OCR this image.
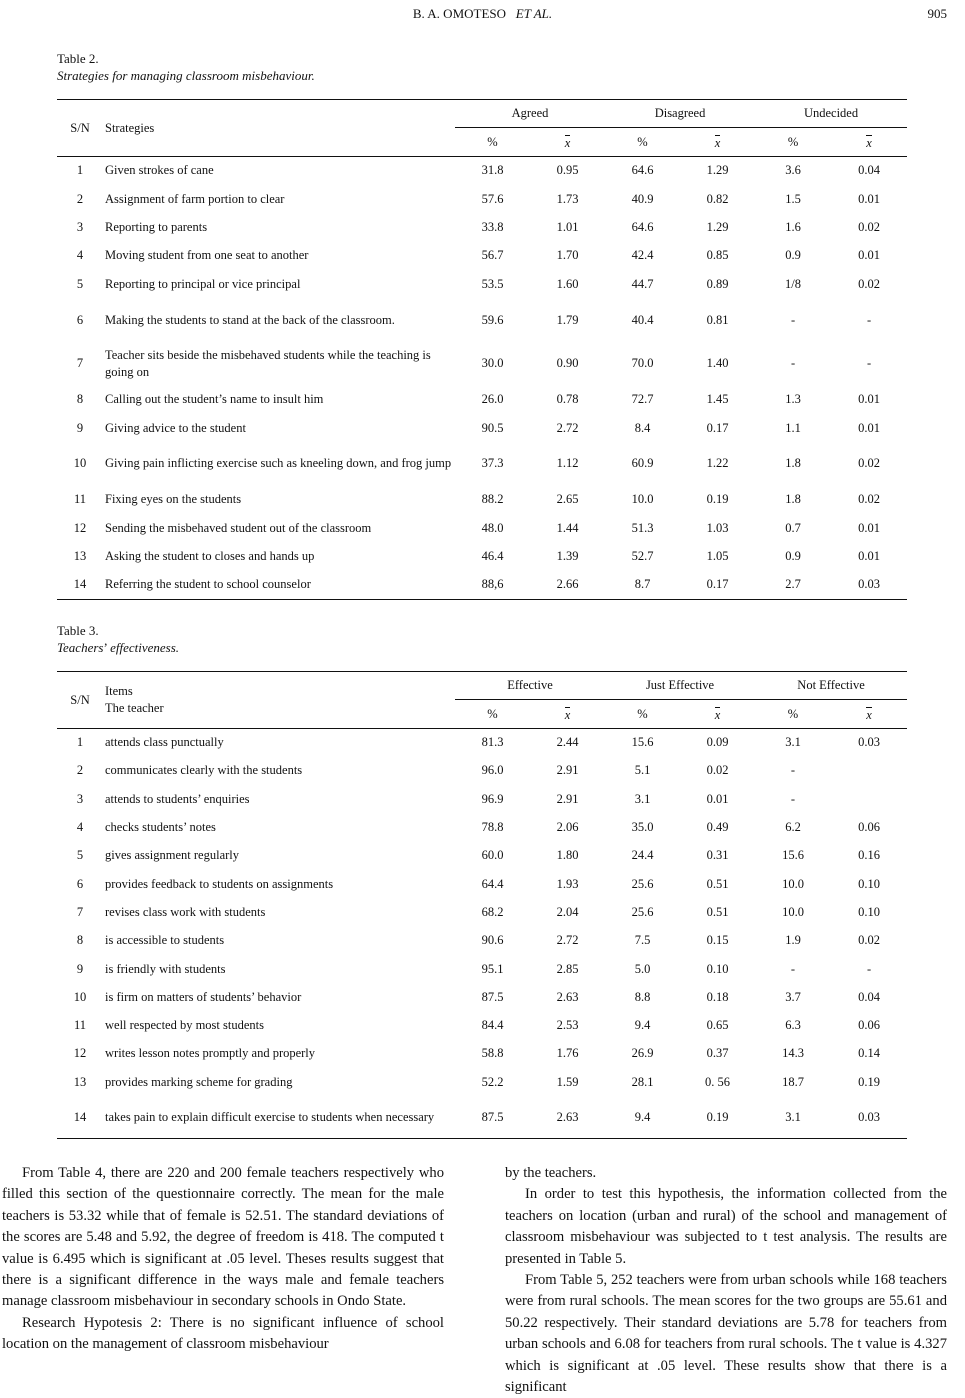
B. A. OMOTESO ET AL.	905
Table 2.
Strategies for managing classroom misbehaviour.
S/N	Strategies	Agreed		Disagreed		Undecided	
		%	x	%	x	%	x
1	Given strokes of cane	31.8	0.95	64.6	1.29	3.6	0.04
2	Assignment of farm portion to clear	57.6	1.73	40.9	0.82	1.5	0.01
3	Reporting to parents	33.8	1.01	64.6	1.29	1.6	0.02
4	Moving student from one seat to another	56.7	1.70	42.4	0.85	0.9	0.01
5	Reporting to principal or vice principal	53.5	1.60	44.7	0.89	1/8	0.02
6	Making the students to stand at the back of the classroom.	59.6	1.79	40.4	0.81	-	-
7	Teacher sits beside the misbehaved students while the teaching is going on	30.0	0.90	70.0	1.40	-	-
8	Calling out the student’s name to insult him	26.0	0.78	72.7	1.45	1.3	0.01
9	Giving advice to the student	90.5	2.72	8.4	0.17	1.1	0.01
10	Giving pain inflicting exercise such as kneeling down, and frog jump	37.3	1.12	60.9	1.22	1.8	0.02
11	Fixing eyes on the students	88.2	2.65	10.0	0.19	1.8	0.02
12	Sending the misbehaved student out of the classroom	48.0	1.44	51.3	1.03	0.7	0.01
13	Asking the student to closes and hands up	46.4	1.39	52.7	1.05	0.9	0.01
14	Referring the student to school counselor	88,6	2.66	8.7	0.17	2.7	0.03
Table 3.
Teachers’ effectiveness.
S/N	Items
The teacher	Effective		Just Effective		Not Effective	
		%	x	%	x	%	x
1	attends class punctually	81.3	2.44	15.6	0.09	3.1	0.03
2	communicates clearly with the students	96.0	2.91	5.1	0.02	-	
3	attends to students’ enquiries	96.9	2.91	3.1	0.01	-	
4	checks students’ notes	78.8	2.06	35.0	0.49	6.2	0.06
5	gives assignment regularly	60.0	1.80	24.4	0.31	15.6	0.16
6	provides feedback to students on assignments	64.4	1.93	25.6	0.51	10.0	0.10
7	revises class work with students	68.2	2.04	25.6	0.51	10.0	0.10
8	is accessible to students	90.6	2.72	7.5	0.15	1.9	0.02
9	is friendly with students	95.1	2.85	5.0	0.10	-	-
10	is firm on matters of students’ behavior	87.5	2.63	8.8	0.18	3.7	0.04
11	well respected by most students	84.4	2.53	9.4	0.65	6.3	0.06
12	writes lesson notes promptly and properly	58.8	1.76	26.9	0.37	14.3	0.14
13	provides marking scheme for grading	52.2	1.59	28.1	0. 56	18.7	0.19
14	takes pain to explain difficult exercise to students when necessary	87.5	2.63	9.4	0.19	3.1	0.03

From Table 4, there are 220 and 200 female teachers respectively who filled this section of the questionnaire correctly. The mean for the male teachers is 53.32 while that of female is 52.51. The standard deviations of the scores are 5.48 and 5.92, the degree of freedom is 418. The computed t value is 6.495 which is significant at .05 level. Theses results suggest that there is a significant difference in the ways male and female teachers manage classroom misbehaviour in secondary schools in Ondo State.

Research Hypotesis 2: There is no significant influence of school location on the management of classroom misbehaviour

by the teachers.

In order to test this hypothesis, the information collected from the teachers on location (urban and rural) of the school and management of classroom misbehaviour was subjected to t test analysis. The results are presented in Table 5.

From Table 5, 252 teachers were from urban schools while 168 teachers were from rural schools. The mean scores for the two groups are 55.61 and 50.22 respectively. Their standard deviations are 5.78 for teachers from urban schools and 6.08 for teachers from rural schools. The t value is 4.327 which is significant at .05 level. These results show that there is a significant
